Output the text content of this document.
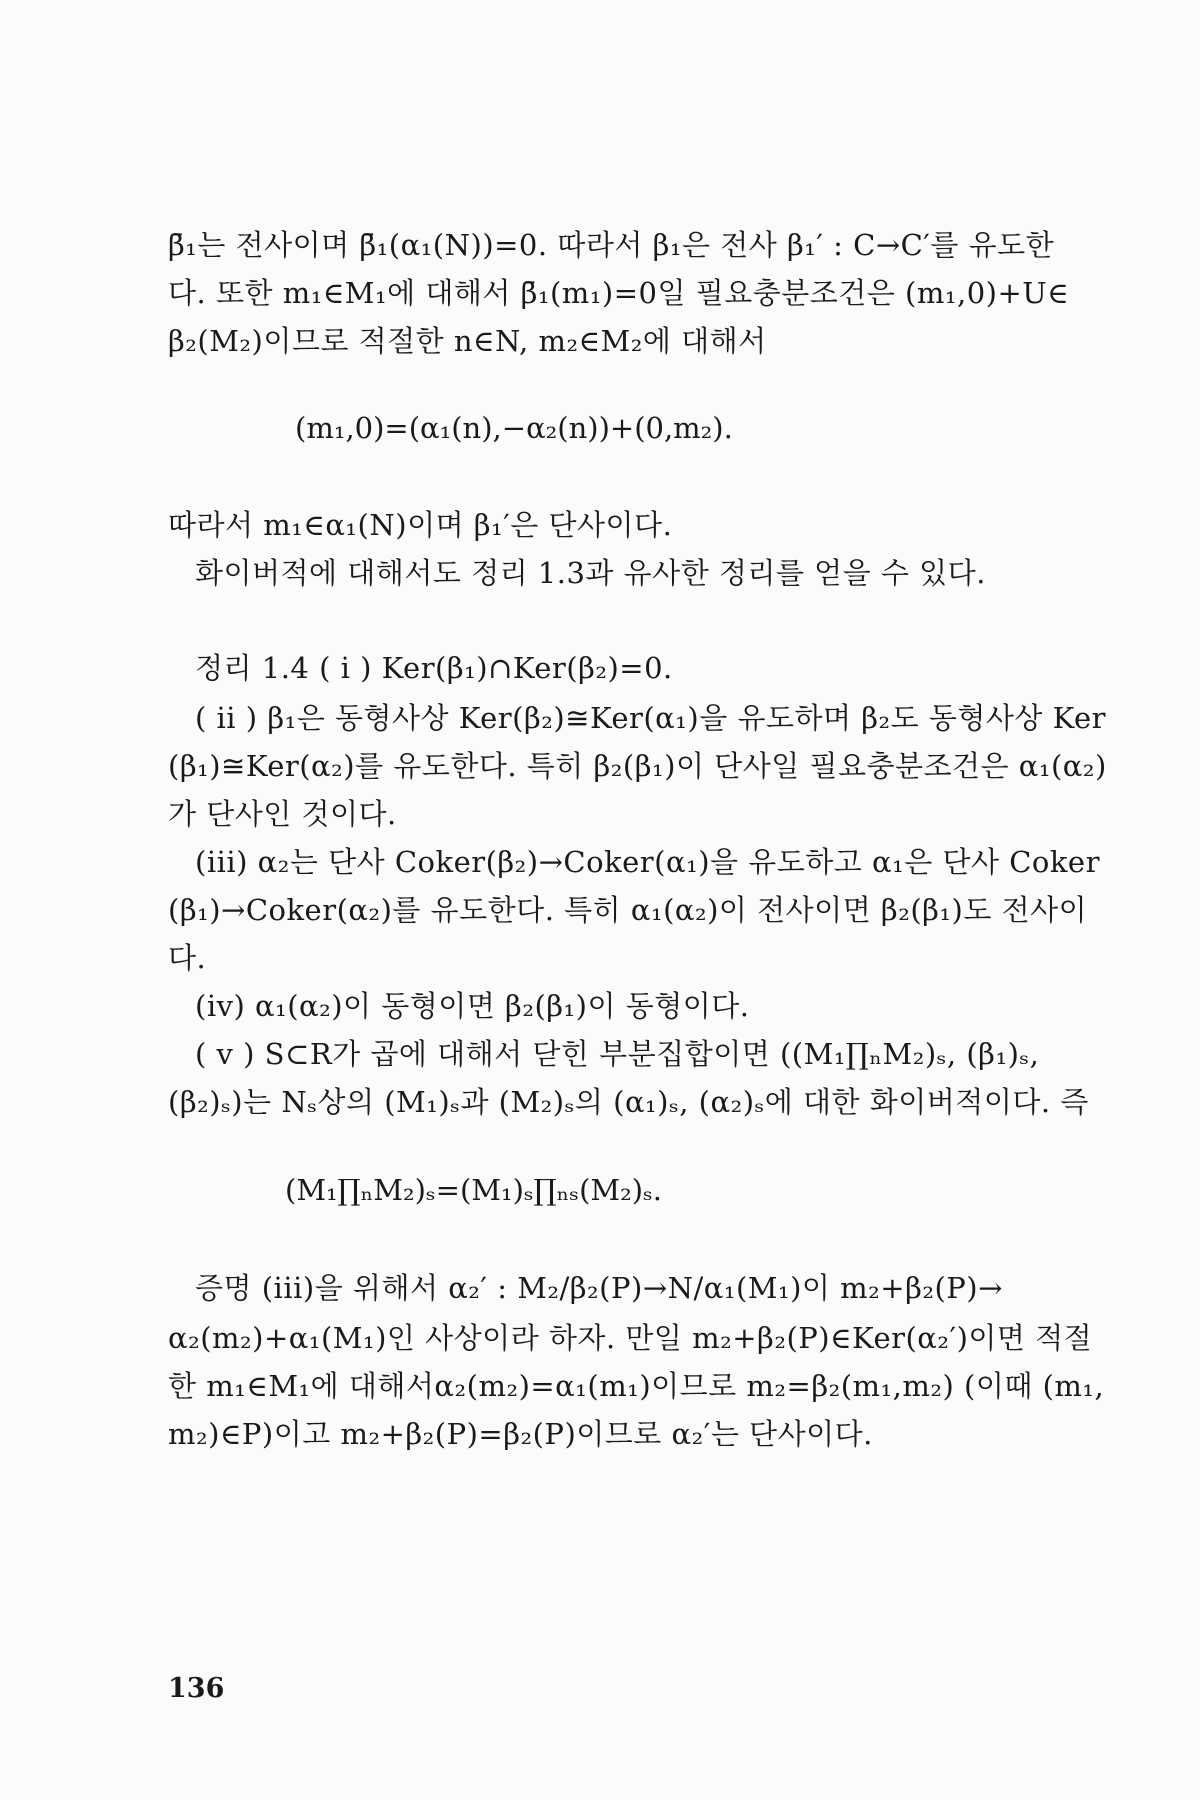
β̄₁는 전사이며 β̄₁(α₁(N))=0. 따라서 β₁은 전사 β₁′ : C→C′를 유도한
다. 또한 m₁∈M₁에 대해서 β̄₁(m₁)=0일 필요충분조건은 (m₁,0)+U∈
β₂(M₂)이므로 적절한 n∈N, m₂∈M₂에 대해서
(m₁,0)=(α₁(n),−α₂(n))+(0,m₂).
따라서 m₁∈α₁(N)이며 β₁′은 단사이다.
화이버적에 대해서도 정리 1.3과 유사한 정리를 얻을 수 있다.
정리 1.4 ( i ) Ker(β₁)∩Ker(β₂)=0.
( ii ) β₁은 동형사상 Ker(β₂)≅Ker(α₁)을 유도하며 β₂도 동형사상 Ker
(β₁)≅Ker(α₂)를 유도한다. 특히 β₂(β₁)이 단사일 필요충분조건은 α₁(α₂)
가 단사인 것이다.
(iii) α₂는 단사 Coker(β₂)→Coker(α₁)을 유도하고 α₁은 단사 Coker
(β₁)→Coker(α₂)를 유도한다. 특히 α₁(α₂)이 전사이면 β₂(β₁)도 전사이
다.
(iv) α₁(α₂)이 동형이면 β₂(β₁)이 동형이다.
( v ) S⊂R가 곱에 대해서 닫힌 부분집합이면 ((M₁∏ₙM₂)ₛ, (β₁)ₛ,
(β₂)ₛ)는 Nₛ상의 (M₁)ₛ과 (M₂)ₛ의 (α₁)ₛ, (α₂)ₛ에 대한 화이버적이다. 즉
(M₁∏ₙM₂)ₛ=(M₁)ₛ∏ₙₛ(M₂)ₛ.
증명 (iii)을 위해서 α₂′ : M₂/β₂(P)→N/α₁(M₁)이 m₂+β₂(P)→
α₂(m₂)+α₁(M₁)인 사상이라 하자. 만일 m₂+β₂(P)∈Ker(α₂′)이면 적절
한 m₁∈M₁에 대해서α₂(m₂)=α₁(m₁)이므로 m₂=β₂(m₁,m₂) (이때 (m₁,
m₂)∈P)이고 m₂+β₂(P)=β₂(P)이므로 α₂′는 단사이다.
136
